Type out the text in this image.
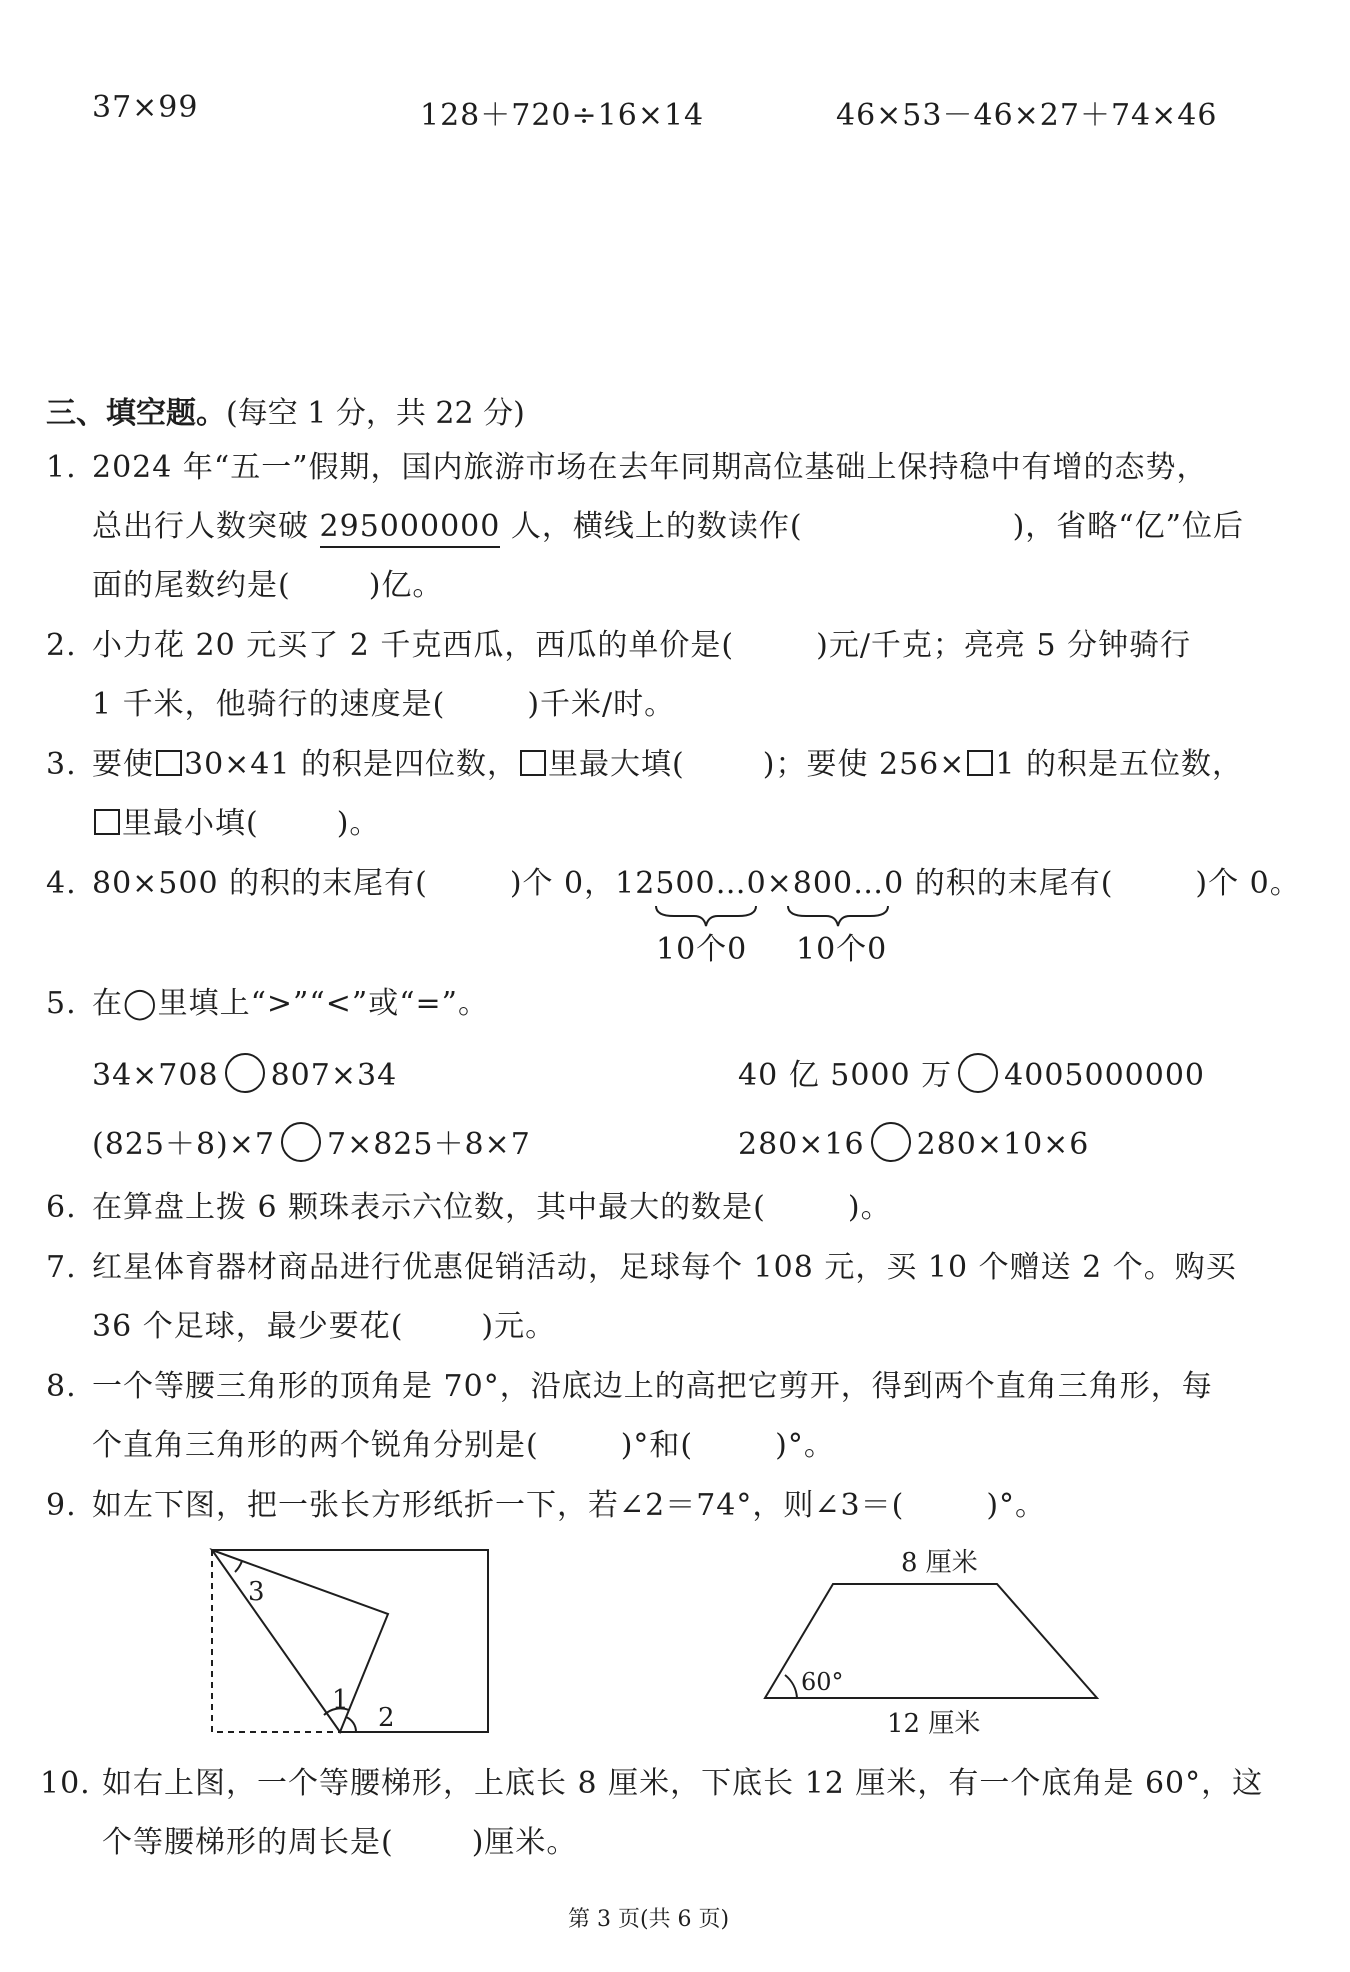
37×99	128＋720÷16×14	46×53－46×27＋74×46
三、填空题。(每空 1 分，共 22 分)
1. 2024 年“五一”假期，国内旅游市场在去年同期高位基础上保持稳中有增的态势，
总出行人数突破 295000000 人，横线上的数读作(	)，省略“亿”位后
面的尾数约是(	)亿。
2. 小力花 20 元买了 2 千克西瓜，西瓜的单价是(	)元/千克；亮亮 5 分钟骑行
1 千米，他骑行的速度是(	)千米/时。
3. 要使 30×41 的积是四位数， 里最大填(	)；要使 256× 1 的积是五位数，
里最小填(	)。
4. 80×500 的积的末尾有(	)个 0，12500…0×800…0 的积的末尾有(	)个 0。
10个0 10个0
5. 在◯里填上“>”“<”或“=”。
34×708 807×34	40 亿 5000 万 4005000000
(825＋8)×7 7×825＋8×7	280×16 280×10×6
6. 在算盘上拨 6 颗珠表示六位数，其中最大的数是(	)。
7. 红星体育器材商品进行优惠促销活动，足球每个 108 元，买 10 个赠送 2 个。购买
36 个足球，最少要花(	)元。
8. 一个等腰三角形的顶角是 70°，沿底边上的高把它剪开，得到两个直角三角形，每
个直角三角形的两个锐角分别是(	)°和(	)°。
9. 如左下图，把一张长方形纸折一下，若∠2＝74°，则∠3＝(	)°。
3
1
2
8 厘米
60°
12 厘米
10. 如右上图，一个等腰梯形，上底长 8 厘米，下底长 12 厘米，有一个底角是 60°，这
个等腰梯形的周长是(	)厘米。
第 3 页(共 6 页)
